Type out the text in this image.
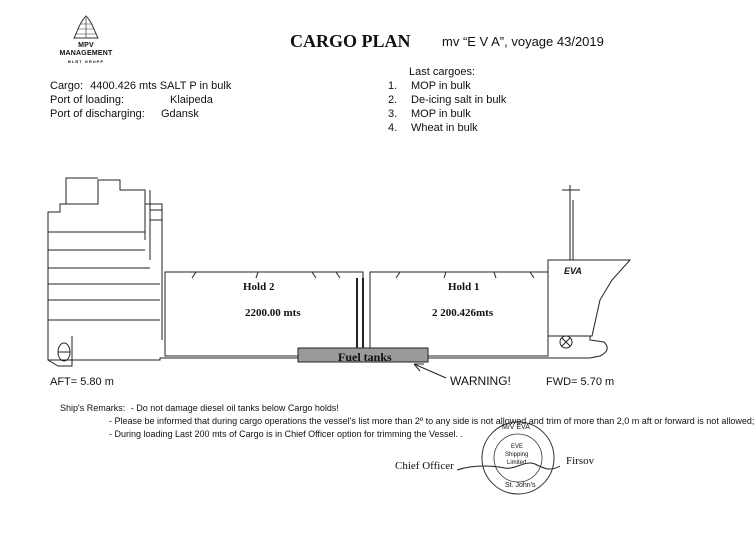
MPV
MANAGEMENT
BLRT GRUPP
CARGO PLAN mv “E V A”, voyage 43/2019
Cargo: 4400.426 mts SALT P in bulk
Port of loading:	Klaipeda
Port of discharging: Gdansk
Last cargoes:
1. MOP in bulk
2. De-icing salt in bulk
3. MOP in bulk
4. Wheat in bulk
EVA
Hold 2
2200.00 mts
Hold 1
2 200.426mts
Fuel tanks
WARNING!
AFT= 5.80 m	FWD= 5.70 m
Ship's Remarks: - Do not damage diesel oil tanks below Cargo holds!
- Please be informed that during cargo operations the vessel's list more than 2º to any side is not allowed and trim of more than 2,0 m aft or forward is not allowed;
- During loading Last 200 mts of Cargo is in Chief Officer option for trimming the Vessel. .
Chief Officer	Firsov
M/V EVA
EVE
Shipping
Limited
St. John's
